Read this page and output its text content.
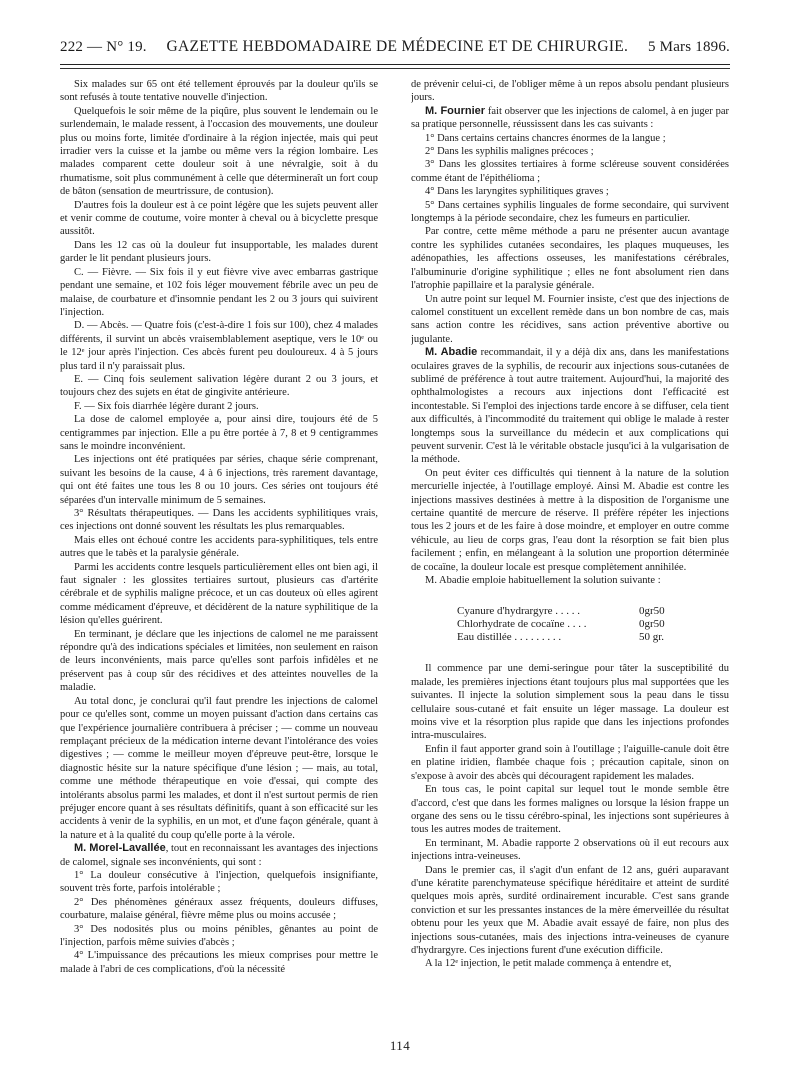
222 — N° 19. GAZETTE HEBDOMADAIRE DE MÉDECINE ET DE CHIRURGIE. 5 Mars 1896.

Six malades sur 65 ont été tellement éprouvés par la douleur qu'ils se sont refusés à toute tentative nouvelle d'injection.

Quelquefois le soir même de la piqûre, plus souvent le lendemain ou le surlendemain, le malade ressent, à l'occasion des mouvements, une douleur plus ou moins forte, limitée d'ordinaire à la région injectée, mais qui peut irradier vers la cuisse et la jambe ou même vers la région lombaire. Les malades comparent cette douleur soit à une névralgie, soit à du rhumatisme, soit plus communément à celle que détermineraît un fort coup de bâton (sensation de meurtrissure, de contusion).

D'autres fois la douleur est à ce point légère que les sujets peuvent aller et venir comme de coutume, voire monter à cheval ou à bicyclette presque aussitôt.

Dans les 12 cas où la douleur fut insupportable, les malades durent garder le lit pendant plusieurs jours.

C. — Fièvre. — Six fois il y eut fièvre vive avec embarras gastrique pendant une semaine, et 102 fois léger mouvement fébrile avec un peu de malaise, de courbature et d'insomnie pendant les 2 ou 3 jours qui suivirent l'injection.

D. — Abcès. — Quatre fois (c'est-à-dire 1 fois sur 100), chez 4 malades différents, il survint un abcès vraisemblablement aseptique, vers le 10ᵉ ou le 12ᵉ jour après l'injection. Ces abcès furent peu douloureux. 4 à 5 jours plus tard il n'y paraissait plus.

E. — Cinq fois seulement salivation légère durant 2 ou 3 jours, et toujours chez des sujets en état de gingivite antérieure.

F. — Six fois diarrhée légère durant 2 jours.

La dose de calomel employée a, pour ainsi dire, toujours été de 5 centigrammes par injection. Elle a pu être portée à 7, 8 et 9 centigrammes sans le moindre inconvénient.

Les injections ont été pratiquées par séries, chaque série comprenant, suivant les besoins de la cause, 4 à 6 injections, très rarement davantage, qui ont été faites une tous les 8 ou 10 jours. Ces séries ont toujours été séparées d'un intervalle minimum de 5 semaines.

3° Résultats thérapeutiques. — Dans les accidents syphilitiques vrais, ces injections ont donné souvent les résultats les plus remarquables.

Mais elles ont échoué contre les accidents para-syphilitiques, tels entre autres que le tabès et la paralysie générale.

Parmi les accidents contre lesquels particulièrement elles ont bien agi, il faut signaler : les glossites tertiaires surtout, plusieurs cas d'artérite cérébrale et de syphilis maligne précoce, et un cas douteux où elles agirent comme médicament d'épreuve, et décidèrent de la nature syphilitique de la lésion qu'elles guérirent.

En terminant, je déclare que les injections de calomel ne me paraissent répondre qu'à des indications spéciales et limitées, non seulement en raison de leurs inconvénients, mais parce qu'elles sont parfois infidèles et ne préservent pas à coup sûr des récidives et des atteintes nouvelles de la maladie.

Au total donc, je conclurai qu'il faut prendre les injections de calomel pour ce qu'elles sont, comme un moyen puissant d'action dans certains cas que l'expérience journalière contribuera à préciser ; — comme un nouveau remplaçant précieux de la médication interne devant l'intolérance des voies digestives ; — comme le meilleur moyen d'épreuve peut-être, lorsque le diagnostic hésite sur la nature spécifique d'une lésion ; — mais, au total, comme une méthode thérapeutique en voie d'essai, qui compte des intolérants absolus parmi les malades, et dont il n'est surtout permis de rien préjuger encore quant à ses résultats définitifs, quant à son efficacité sur les accidents à venir de la syphilis, en un mot, et d'une façon générale, quant à la nature et à la qualité du coup qu'elle porte à la vérole.

M. Morel-Lavallée, tout en reconnaissant les avantages des injections de calomel, signale ses inconvénients, qui sont :

1° La douleur consécutive à l'injection, quelquefois insignifiante, souvent très forte, parfois intolérable ;

2° Des phénomènes généraux assez fréquents, douleurs diffuses, courbature, malaise général, fièvre même plus ou moins accusée ;

3° Des nodosités plus ou moins pénibles, gênantes au point de l'injection, parfois même suivies d'abcès ;

4° L'impuissance des précautions les mieux comprises pour mettre le malade à l'abri de ces complications, d'où la nécessité

de prévenir celui-ci, de l'obliger même à un repos absolu pendant plusieurs jours.

M. Fournier fait observer que les injections de calomel, à en juger par sa pratique personnelle, réussissent dans les cas suivants :

1° Dans certains certains chancres énormes de la langue ;

2° Dans les syphilis malignes précoces ;

3° Dans les glossites tertiaires à forme scléreuse souvent considérées comme étant de l'épithélioma ;

4° Dans les laryngites syphilitiques graves ;

5° Dans certaines syphilis linguales de forme secondaire, qui survivent longtemps à la période secondaire, chez les fumeurs en particulier.

Par contre, cette même méthode a paru ne présenter aucun avantage contre les syphilides cutanées secondaires, les plaques muqueuses, les adénopathies, les affections osseuses, les manifestations cérébrales, l'albuminurie d'origine syphilitique ; elles ne font absolument rien dans l'atrophie papillaire et la paralysie générale.

Un autre point sur lequel M. Fournier insiste, c'est que des injections de calomel constituent un excellent remède dans un bon nombre de cas, mais sans action contre les récidives, sans action préventive abortive ou jugulante.

M. Abadie recommandait, il y a déjà dix ans, dans les manifestations oculaires graves de la syphilis, de recourir aux injections sous-cutanées de sublimé de préférence à tout autre traitement. Aujourd'hui, la majorité des ophthalmologistes a recours aux injections dont l'efficacité est incontestable. Si l'emploi des injections tarde encore à se diffuser, cela tient aux difficultés, à l'incommodité du traitement qui oblige le malade à rester longtemps sous la surveillance du médecin et aux complications qui peuvent survenir. C'est là le véritable obstacle jusqu'ici à la vulgarisation de la méthode.

On peut éviter ces difficultés qui tiennent à la nature de la solution mercurielle injectée, à l'outillage employé. Ainsi M. Abadie est contre les injections massives destinées à mettre à la disposition de l'organisme une certaine quantité de mercure de réserve. Il préfère répéter les injections tous les 2 jours et de les faire à dose moindre, et employer en outre comme véhicule, au lieu de corps gras, l'eau dont la résorption se fait bien plus facilement ; enfin, en mélangeant à la solution une proportion déterminée de cocaïne, la douleur locale est presque complètement annihilée.

M. Abadie emploie habituellement la solution suivante :

Cyanure d'hydrargyre . . . . .	0gr50
Chlorhydrate de cocaïne . . . .	0gr50
Eau distillée . . . . . . . . .	50 gr.

Il commence par une demi-seringue pour tâter la susceptibilité du malade, les premières injections étant toujours plus mal supportées que les suivantes. Il injecte la solution simplement sous la peau dans le tissu cellulaire sous-cutané et fait ensuite un léger massage. La douleur est moins vive et la résorption plus rapide que dans les injections profondes intra-musculaires.

Enfin il faut apporter grand soin à l'outillage ; l'aiguille-canule doit être en platine iridien, flambée chaque fois ; précaution capitale, sinon on s'expose à avoir des abcès qui découragent rapidement les malades.

En tous cas, le point capital sur lequel tout le monde semble être d'accord, c'est que dans les formes malignes ou lorsque la lésion frappe un organe des sens ou le tissu cérébro-spinal, les injections sont supérieures à tous les autres modes de traitement.

En terminant, M. Abadie rapporte 2 observations où il eut recours aux injections intra-veineuses.

Dans le premier cas, il s'agit d'un enfant de 12 ans, guéri auparavant d'une kératite parenchymateuse spécifique héréditaire et atteint de surdité quelques mois après, surdité ordinairement incurable. C'est sans grande conviction et sur les pressantes instances de la mère émerveillée du résultat obtenu pour les yeux que M. Abadie avait essayé de faire, non plus des injections sous-cutanées, mais des injections intra-veineuses de cyanure d'hydrargyre. Ces injections furent d'une exécution difficile.

A la 12ᵉ injection, le petit malade commença à entendre et,

114
